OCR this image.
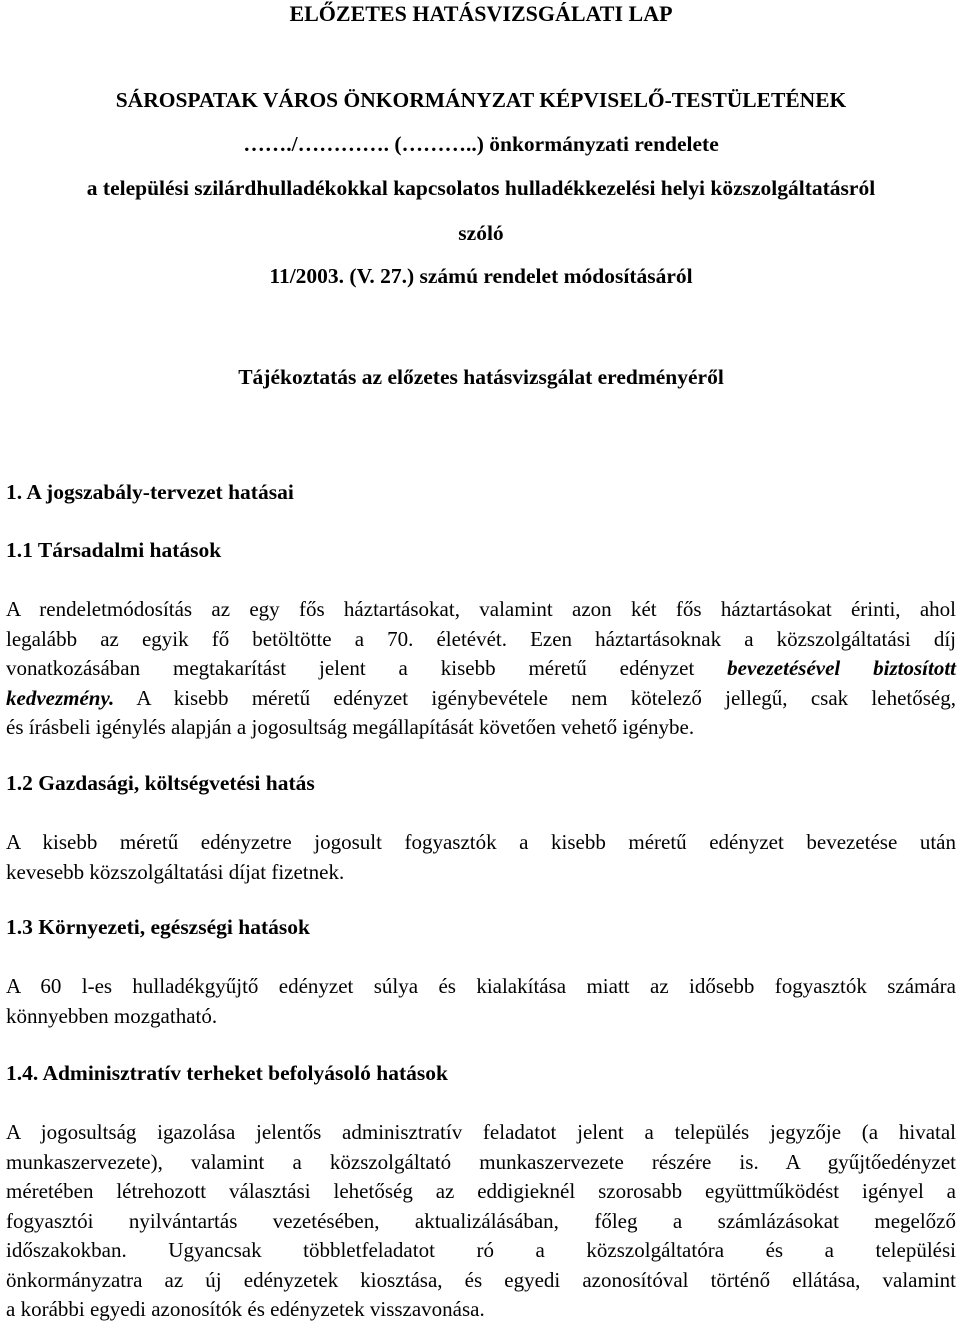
ELŐZETES HATÁSVIZSGÁLATI LAP
SÁROSPATAK VÁROS ÖNKORMÁNYZAT KÉPVISELŐ-TESTÜLETÉNEK
……./…………. (………..) önkormányzati rendelete
a települési szilárdhulladékokkal kapcsolatos hulladékkezelési helyi közszolgáltatásról
szóló
11/2003. (V. 27.) számú rendelet módosításáról
Tájékoztatás az előzetes hatásvizsgálat eredményéről
1. A jogszabály-tervezet hatásai
1.1 Társadalmi hatások
A rendeletmódosítás az egy fős háztartásokat, valamint azon két fős háztartásokat érinti, ahol
legalább az egyik fő betöltötte a 70. életévét. Ezen háztartásoknak a közszolgáltatási díj
vonatkozásában megtakarítást jelent a kisebb méretű edényzet bevezetésével biztosított
kedvezmény. A kisebb méretű edényzet igénybevétele nem kötelező jellegű, csak lehetőség,
és írásbeli igénylés alapján a jogosultság megállapítását követően vehető igénybe.
1.2 Gazdasági, költségvetési hatás
A kisebb méretű edényzetre jogosult fogyasztók a kisebb méretű edényzet bevezetése után
kevesebb közszolgáltatási díjat fizetnek.
1.3 Környezeti, egészségi hatások
A 60 l-es hulladékgyűjtő edényzet súlya és kialakítása miatt az idősebb fogyasztók számára
könnyebben mozgatható.
1.4. Adminisztratív terheket befolyásoló hatások
A jogosultság igazolása jelentős adminisztratív feladatot jelent a település jegyzője (a hivatal
munkaszervezete), valamint a közszolgáltató munkaszervezete részére is. A gyűjtőedényzet
méretében létrehozott választási lehetőség az eddigieknél szorosabb együttműködést igényel a
fogyasztói nyilvántartás vezetésében, aktualizálásában, főleg a számlázásokat megelőző
időszakokban. Ugyancsak többletfeladatot ró a közszolgáltatóra és a települési
önkormányzatra az új edényzetek kiosztása, és egyedi azonosítóval történő ellátása, valamint
a korábbi egyedi azonosítók és edényzetek visszavonása.
